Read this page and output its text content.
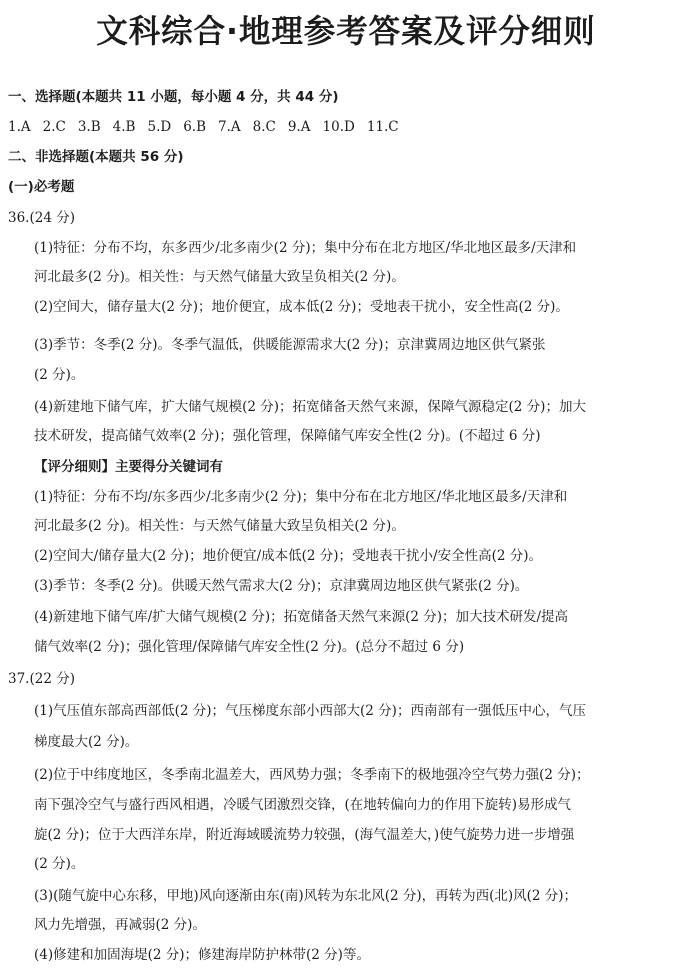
文科综合·地理参考答案及评分细则
一、选择题(本题共 11 小题，每小题 4 分，共 44 分)
1.A 2.C 3.B 4.B 5.D 6.B 7.A 8.C 9.A 10.D 11.C
二、非选择题(本题共 56 分)
(一)必考题
36.(24 分)
(1)特征：分布不均，东多西少/北多南少(2 分)；集中分布在北方地区/华北地区最多/天津和
河北最多(2 分)。相关性：与天然气储量大致呈负相关(2 分)。
(2)空间大，储存量大(2 分)；地价便宜，成本低(2 分)；受地表干扰小，安全性高(2 分)。
(3)季节：冬季(2 分)。冬季气温低，供暖能源需求大(2 分)；京津冀周边地区供气紧张
(2 分)。
(4)新建地下储气库，扩大储气规模(2 分)；拓宽储备天然气来源，保障气源稳定(2 分)；加大
技术研发，提高储气效率(2 分)；强化管理，保障储气库安全性(2 分)。(不超过 6 分)
【评分细则】主要得分关键词有
(1)特征：分布不均/东多西少/北多南少(2 分)；集中分布在北方地区/华北地区最多/天津和
河北最多(2 分)。相关性：与天然气储量大致呈负相关(2 分)。
(2)空间大/储存量大(2 分)；地价便宜/成本低(2 分)；受地表干扰小/安全性高(2 分)。
(3)季节：冬季(2 分)。供暖天然气需求大(2 分)；京津冀周边地区供气紧张(2 分)。
(4)新建地下储气库/扩大储气规模(2 分)；拓宽储备天然气来源(2 分)；加大技术研发/提高
储气效率(2 分)；强化管理/保障储气库安全性(2 分)。(总分不超过 6 分)
37.(22 分)
(1)气压值东部高西部低(2 分)；气压梯度东部小西部大(2 分)；西南部有一强低压中心，气压
梯度最大(2 分)。
(2)位于中纬度地区，冬季南北温差大，西风势力强；冬季南下的极地强冷空气势力强(2 分)；
南下强冷空气与盛行西风相遇，冷暖气团激烈交锋，(在地转偏向力的作用下旋转)易形成气
旋(2 分)；位于大西洋东岸，附近海域暖流势力较强，(海气温差大，)使气旋势力进一步增强
(2 分)。
(3)(随气旋中心东移，甲地)风向逐渐由东(南)风转为东北风(2 分)，再转为西(北)风(2 分)；
风力先增强，再减弱(2 分)。
(4)修建和加固海堤(2 分)；修建海岸防护林带(2 分)等。
